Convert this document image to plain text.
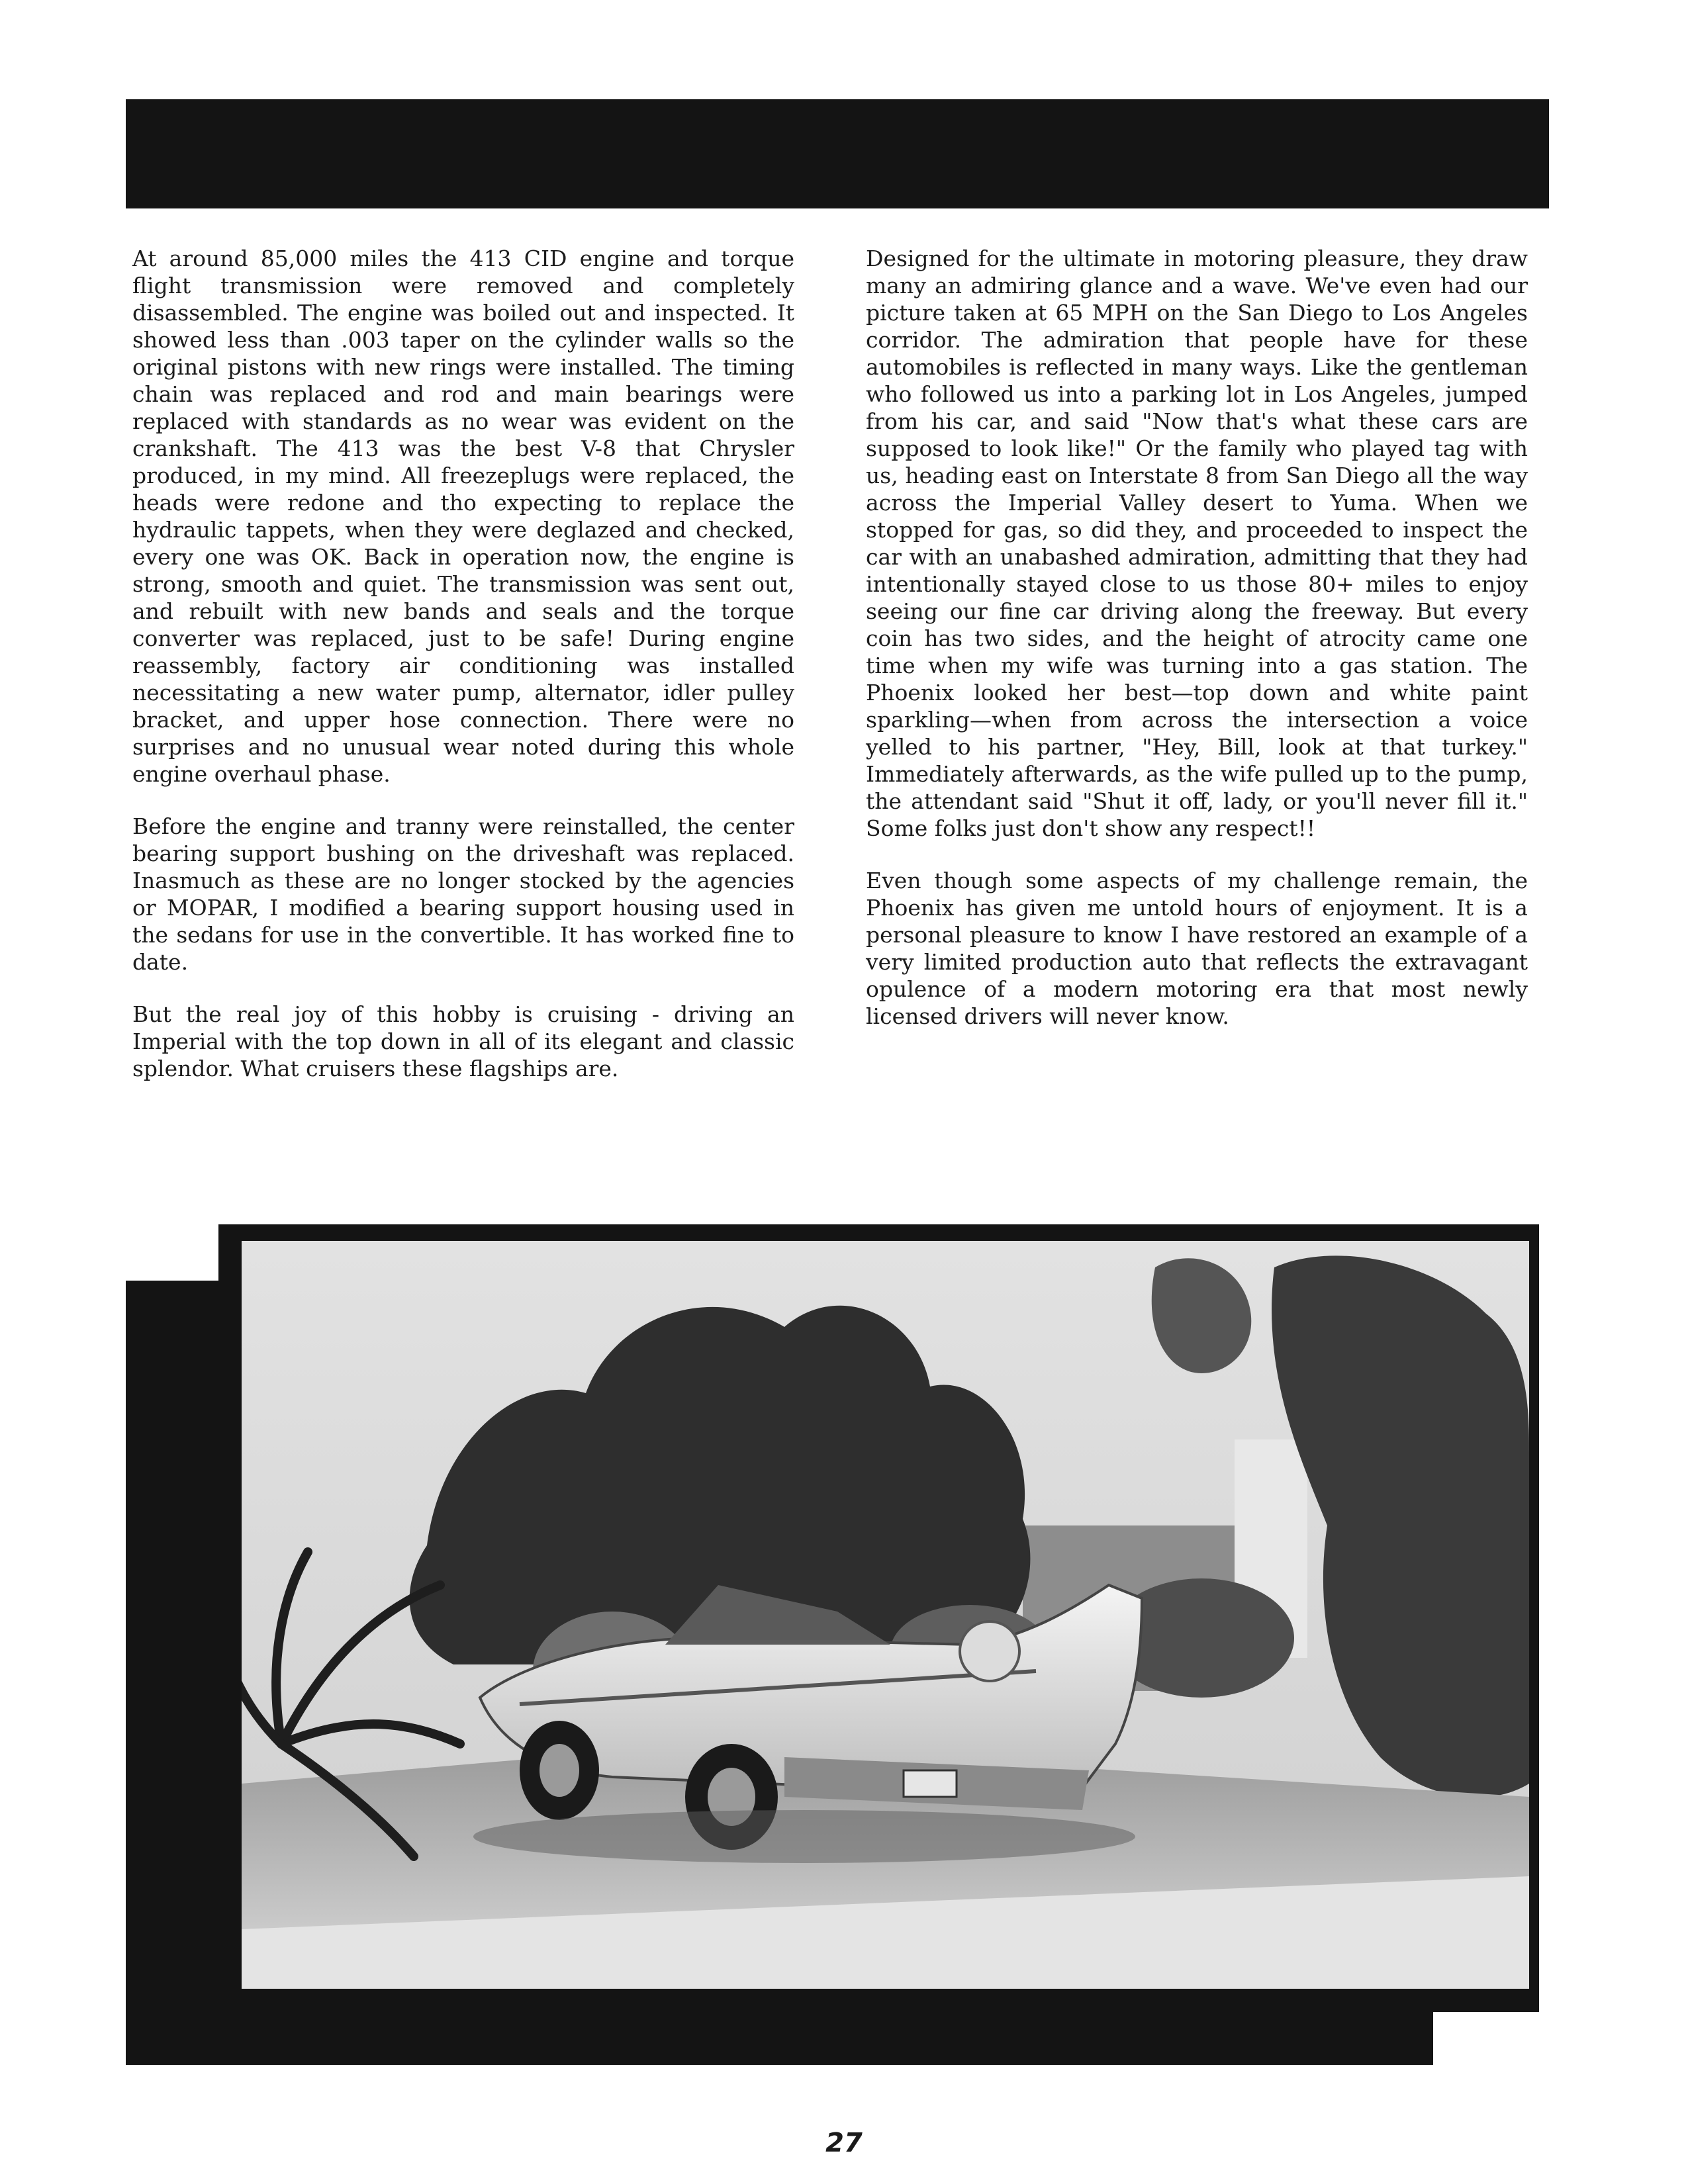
At around 85,000 miles the 413 CID engine and torque flight transmission were removed and completely disassembled. The engine was boiled out and inspected. It showed less than .003 taper on the cylinder walls so the original pistons with new rings were installed. The timing chain was replaced and rod and main bearings were replaced with standards as no wear was evident on the crankshaft. The 413 was the best V-8 that Chrysler produced, in my mind. All freezeplugs were replaced, the heads were redone and tho expecting to replace the hydraulic tappets, when they were deglazed and checked, every one was OK. Back in operation now, the engine is strong, smooth and quiet. The transmission was sent out, and rebuilt with new bands and seals and the torque converter was replaced, just to be safe! During engine reassembly, factory air conditioning was installed necessitating a new water pump, alternator, idler pulley bracket, and upper hose connection. There were no surprises and no unusual wear noted during this whole engine overhaul phase.

Before the engine and tranny were reinstalled, the center bearing support bushing on the driveshaft was replaced. Inasmuch as these are no longer stocked by the agencies or MOPAR, I modified a bearing support housing used in the sedans for use in the convertible. It has worked fine to date.

But the real joy of this hobby is cruising - driving an Imperial with the top down in all of its elegant and classic splendor. What cruisers these flagships are.

Designed for the ultimate in motoring pleasure, they draw many an admiring glance and a wave. We've even had our picture taken at 65 MPH on the San Diego to Los Angeles corridor. The admiration that people have for these automobiles is reflected in many ways. Like the gentleman who followed us into a parking lot in Los Angeles, jumped from his car, and said "Now that's what these cars are supposed to look like!" Or the family who played tag with us, heading east on Interstate 8 from San Diego all the way across the Imperial Valley desert to Yuma. When we stopped for gas, so did they, and proceeded to inspect the car with an unabashed admiration, admitting that they had intentionally stayed close to us those 80+ miles to enjoy seeing our fine car driving along the freeway. But every coin has two sides, and the height of atrocity came one time when my wife was turning into a gas station. The Phoenix looked her best—top down and white paint sparkling—when from across the intersection a voice yelled to his partner, "Hey, Bill, look at that turkey." Immediately afterwards, as the wife pulled up to the pump, the attendant said "Shut it off, lady, or you'll never fill it." Some folks just don't show any respect!!

Even though some aspects of my challenge remain, the Phoenix has given me untold hours of enjoyment. It is a personal pleasure to know I have restored an example of a very limited production auto that reflects the extravagant opulence of a modern motoring era that most newly licensed drivers will never know.

27
